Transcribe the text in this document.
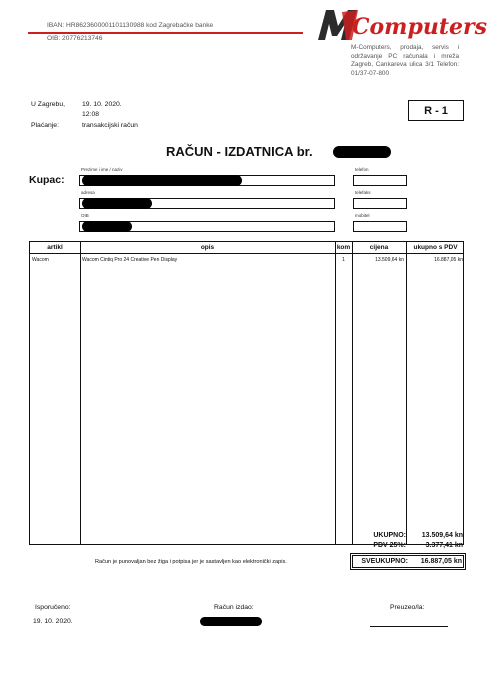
IBAN: HR8623600001101130988 kod Zagrebačke banke
OIB: 20776213746	Computers
M-Computers, prodaja, servis i održavanje PC računala i mreža Zagreb, Cankareva ulica 3/1 Telefon: 01/37-07-800
U Zagrebu, 19. 10. 2020.
12:08
Plaćanje:	transakcijski račun
R - 1
RAČUN - IZDATNICA br.
Kupac:
Prezime i ime / naziv
adresa
OIB
telefon
telefaks
mobitel
artikl	opis	kom	cijena	ukupno s PDV
Wacom	Wacom Cintiq Pro 24 Creative Pen Display	1	13.509,64 kn	16.887,05 kn
UKUPNO:	13.509,64 kn
PDV 25%:	3.377,41 kn
SVEUKUPNO:	16.887,05 kn
Račun je punovaljan bez žiga i potpisa jer je sastavljen kao elektronički zapis.
Isporučeno:
19. 10. 2020.
Račun izdao:	Preuzeo/la:
